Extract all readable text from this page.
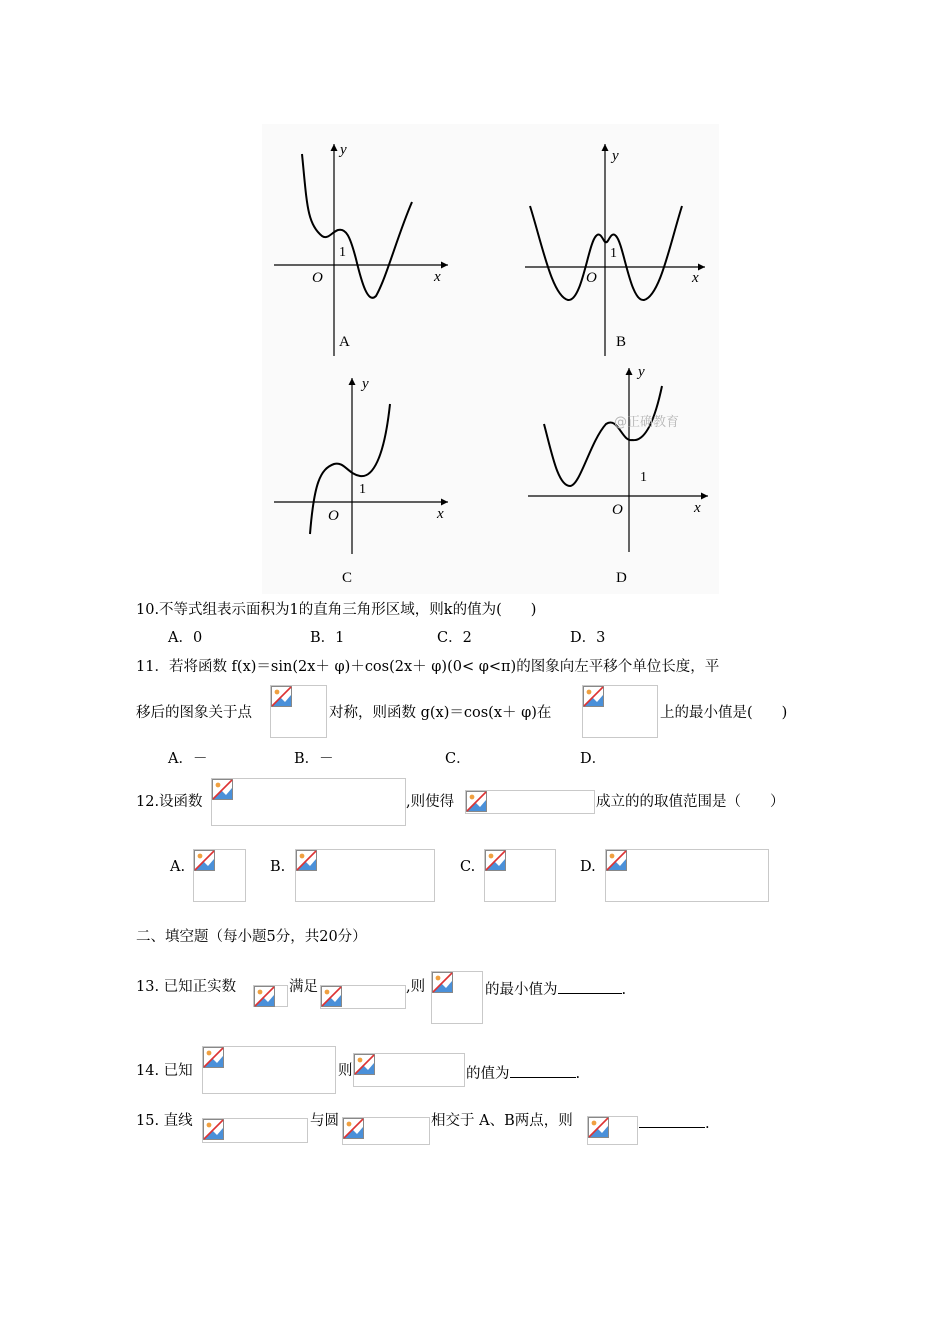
y
x
O
1
A
y
x
O
1
B
y
x
O
1
C
y
x
O
1
D
@正确教育
10.不等式组表示面积为1的直角三角形区域，则k的值为(　　)
A．0	B．1	C．2	D．3
11．若将函数 f(x)＝sin(2x＋ φ)＋cos(2x＋ φ)(0< φ<π)的图象向左平移个单位长度，平
移后的图象关于点	对称，则函数 g(x)＝cos(x＋ φ)在	上的最小值是(　　)
A．－	B．－	C．	D．
12.设函数	,则使得	成立的的取值范围是（　　）
A.	B.	C.	D.
二、填空题（每小题5分，共20分）
13. 已知正实数	满足	,则	的最小值为	.
14. 已知	则	的值为	.
15. 直线	与圆	相交于 A、B两点，则	.
